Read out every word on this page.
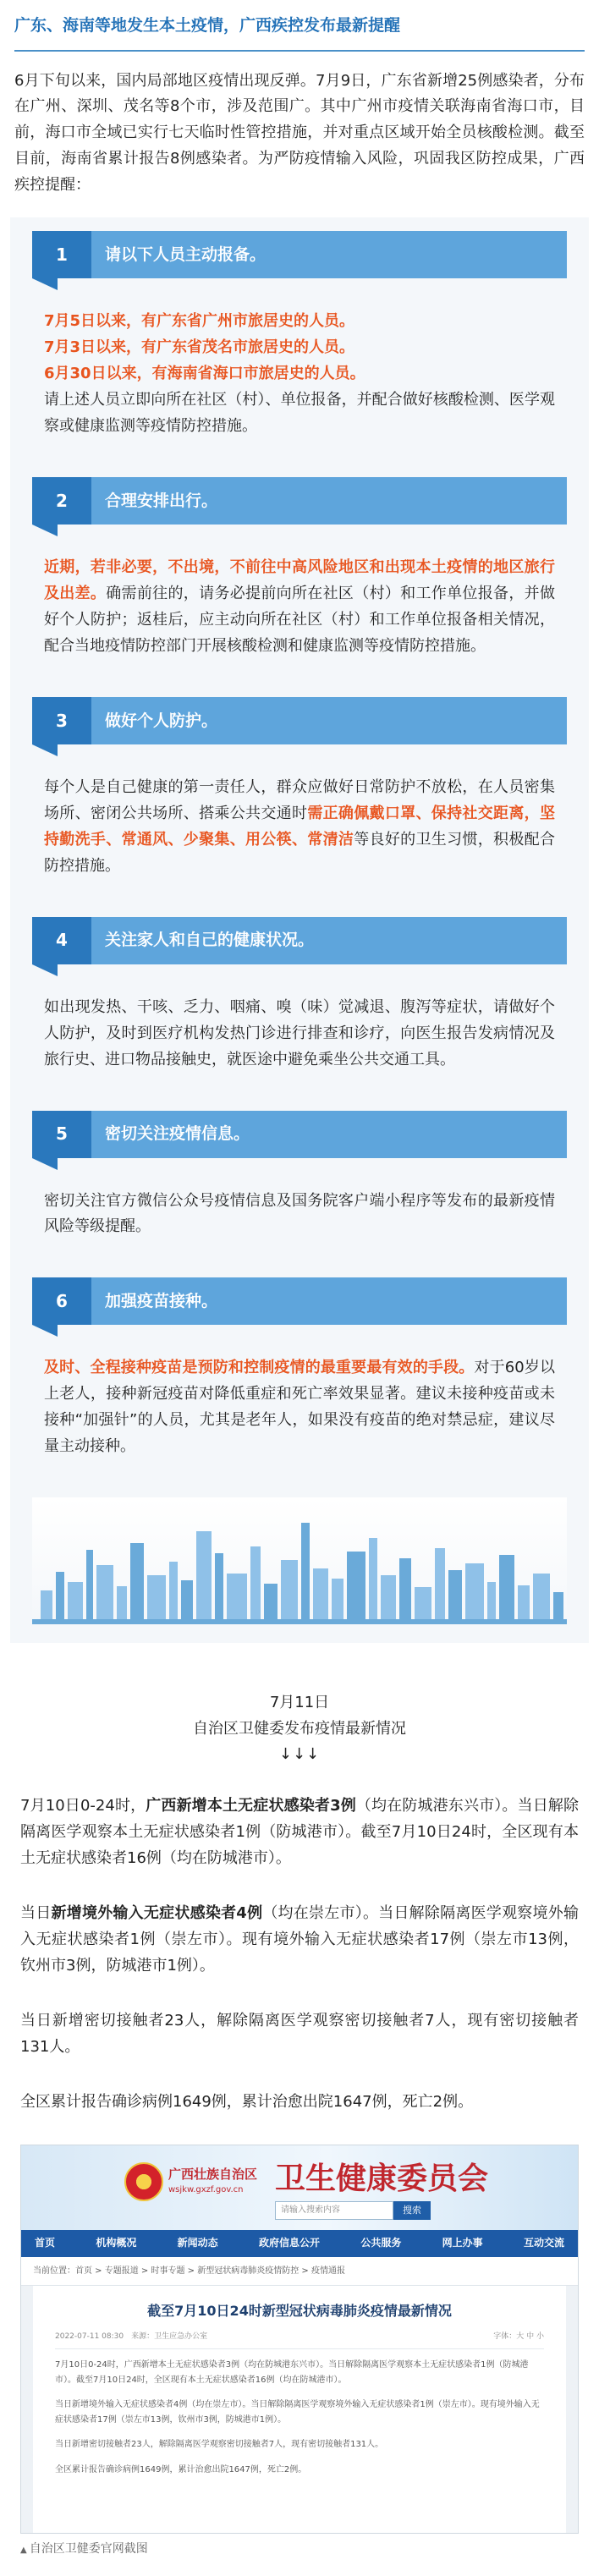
广东、海南等地发生本土疫情，广西疾控发布最新提醒
6月下旬以来，国内局部地区疫情出现反弹。7月9日，广东省新增25例感染者，分布在广州、深圳、茂名等8个市，涉及范围广。其中广州市疫情关联海南省海口市，目前，海口市全域已实行七天临时性管控措施，并对重点区域开始全员核酸检测。截至目前，海南省累计报告8例感染者。为严防疫情输入风险，巩固我区防控成果，广西疾控提醒：
1	请以下人员主动报备。
7月5日以来，有广东省广州市旅居史的人员。
7月3日以来，有广东省茂名市旅居史的人员。
6月30日以来，有海南省海口市旅居史的人员。
请上述人员立即向所在社区（村）、单位报备，并配合做好核酸检测、医学观察或健康监测等疫情防控措施。
2	合理安排出行。
近期，若非必要，不出境，不前往中高风险地区和出现本土疫情的地区旅行及出差。确需前往的，请务必提前向所在社区（村）和工作单位报备，并做好个人防护；返桂后，应主动向所在社区（村）和工作单位报备相关情况，配合当地疫情防控部门开展核酸检测和健康监测等疫情防控措施。
3	做好个人防护。
每个人是自己健康的第一责任人，群众应做好日常防护不放松，在人员密集场所、密闭公共场所、搭乘公共交通时需正确佩戴口罩、保持社交距离，坚持勤洗手、常通风、少聚集、用公筷、常清洁等良好的卫生习惯，积极配合防控措施。
4	关注家人和自己的健康状况。
如出现发热、干咳、乏力、咽痛、嗅（味）觉减退、腹泻等症状，请做好个人防护，及时到医疗机构发热门诊进行排查和诊疗，向医生报告发病情况及旅行史、进口物品接触史，就医途中避免乘坐公共交通工具。
5	密切关注疫情信息。
密切关注官方微信公众号疫情信息及国务院客户端小程序等发布的最新疫情风险等级提醒。
6	加强疫苗接种。
及时、全程接种疫苗是预防和控制疫情的最重要最有效的手段。对于60岁以上老人，接种新冠疫苗对降低重症和死亡率效果显著。建议未接种疫苗或未接种“加强针”的人员，尤其是老年人，如果没有疫苗的绝对禁忌症，建议尽量主动接种。
7月11日
自治区卫健委发布疫情最新情况
↓↓↓

7月10日0-24时，广西新增本土无症状感染者3例（均在防城港东兴市）。当日解除隔离医学观察本土无症状感染者1例（防城港市）。截至7月10日24时，全区现有本土无症状感染者16例（均在防城港市）。

当日新增境外输入无症状感染者4例（均在崇左市）。当日解除隔离医学观察境外输入无症状感染者1例（崇左市）。现有境外输入无症状感染者17例（崇左市13例，钦州市3例，防城港市1例）。

当日新增密切接触者23人，解除隔离医学观察密切接触者7人，现有密切接触者131人。

全区累计报告确诊病例1649例，累计治愈出院1647例，死亡2例。

广西壮族自治区
wsjkw.gxzf.gov.cn 卫生健康委员会
请输入搜索内容	搜索
首页	机构概况	新闻动态	政府信息公开	公共服务	网上办事	互动交流
当前位置：首页 > 专题报道 > 时事专题 > 新型冠状病毒肺炎疫情防控 > 疫情通报
截至7月10日24时新型冠状病毒肺炎疫情最新情况
2022-07-11 08:30　来源：卫生应急办公室	字体：大 中 小

7月10日0-24时，广西新增本土无症状感染者3例（均在防城港东兴市）。当日解除隔离医学观察本土无症状感染者1例（防城港市）。截至7月10日24时，全区现有本土无症状感染者16例（均在防城港市）。

当日新增境外输入无症状感染者4例（均在崇左市）。当日解除隔离医学观察境外输入无症状感染者1例（崇左市）。现有境外输入无症状感染者17例（崇左市13例，钦州市3例，防城港市1例）。

当日新增密切接触者23人，解除隔离医学观察密切接触者7人，现有密切接触者131人。

全区累计报告确诊病例1649例，累计治愈出院1647例，死亡2例。

▲ 自治区卫健委官网截图
